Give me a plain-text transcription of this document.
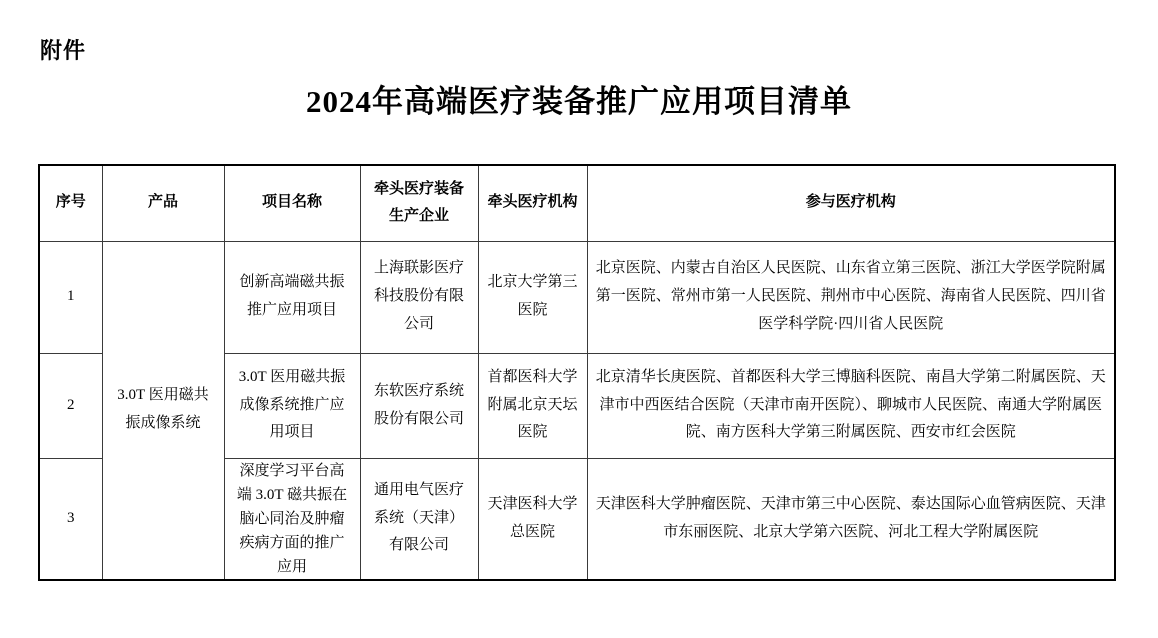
附件
2024年高端医疗装备推广应用项目清单
序号	产品	项目名称	牵头医疗装备生产企业	牵头医疗机构	参与医疗机构
1	3.0T 医用磁共振成像系统	创新高端磁共振推广应用项目	上海联影医疗科技股份有限公司	北京大学第三医院	北京医院、内蒙古自治区人民医院、山东省立第三医院、浙江大学医学院附属第一医院、常州市第一人民医院、荆州市中心医院、海南省人民医院、四川省医学科学院·四川省人民医院
2		3.0T 医用磁共振成像系统推广应用项目	东软医疗系统股份有限公司	首都医科大学附属北京天坛医院	北京清华长庚医院、首都医科大学三博脑科医院、南昌大学第二附属医院、天津市中西医结合医院（天津市南开医院）、聊城市人民医院、南通大学附属医院、南方医科大学第三附属医院、西安市红会医院
3		深度学习平台高端 3.0T 磁共振在脑心同治及肿瘤疾病方面的推广应用	通用电气医疗系统（天津）有限公司	天津医科大学总医院	天津医科大学肿瘤医院、天津市第三中心医院、泰达国际心血管病医院、天津市东丽医院、北京大学第六医院、河北工程大学附属医院
